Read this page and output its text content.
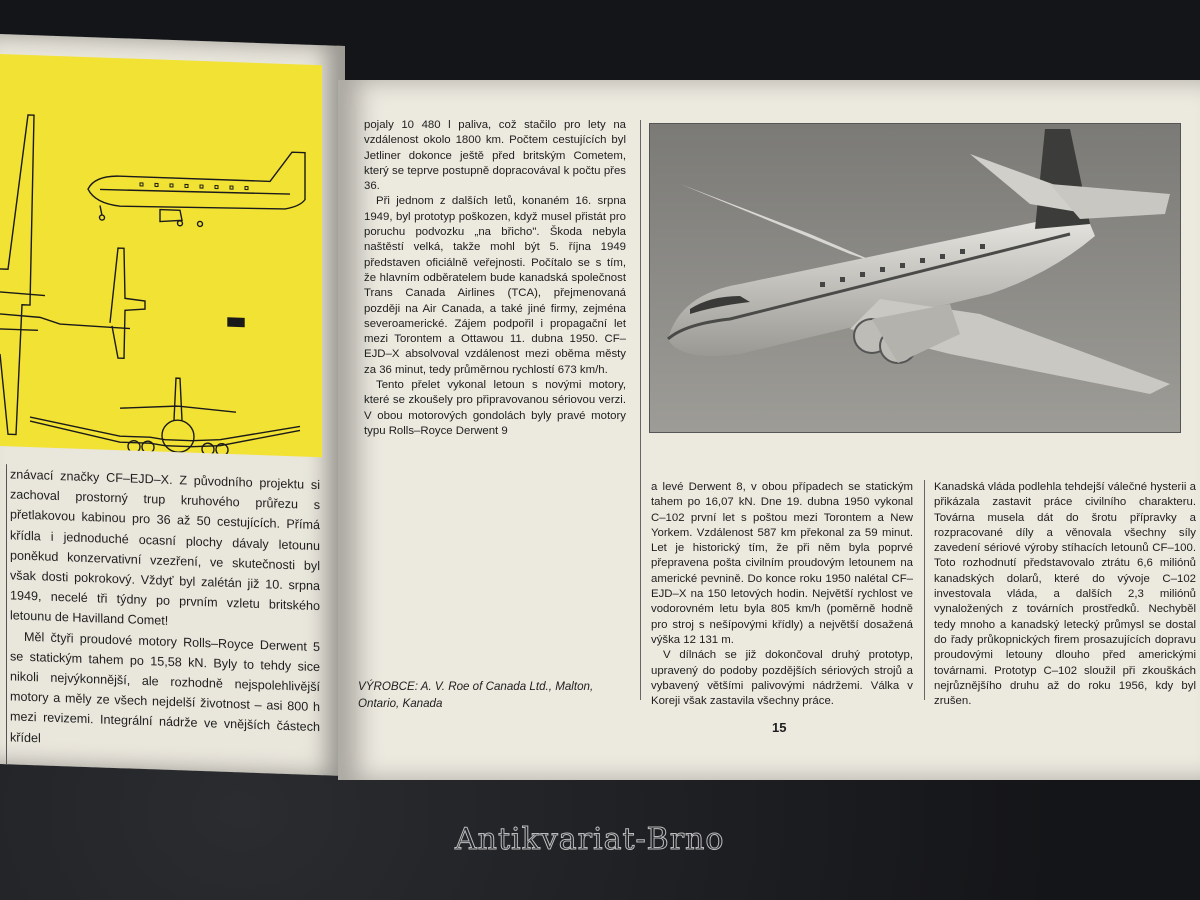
znávací značky CF–EJD–X. Z původního projektu si zachoval prostorný trup kruhového průřezu s přetlakovou kabinou pro 36 až 50 cestujících. Přímá křídla i jednoduché ocasní plochy dávaly letounu poněkud konzervativní vzezření, ve skutečnosti byl však dosti pokrokový. Vždyť byl zalétán již 10. srpna 1949, necelé tři týdny po prvním vzletu britského letounu de Havilland Comet!

Měl čtyři proudové motory Rolls–Royce Derwent 5 se statickým tahem po 15,58 kN. Byly to tehdy sice nikoli nejvýkonnější, ale rozhodně nejspolehlivější motory a měly ze všech nejdelší životnost – asi 800 h mezi revizemi. Integrální nádrže ve vnějších částech křídel

pojaly 10 480 l paliva, což stačilo pro lety na vzdálenost okolo 1800 km. Počtem cestujících byl Jetliner dokonce ještě před britským Cometem, který se teprve postupně dopracovával k počtu přes 36.

Při jednom z dalších letů, konaném 16. srpna 1949, byl prototyp poškozen, když musel přistát pro poruchu podvozku „na břicho". Škoda nebyla naštěstí velká, takže mohl být 5. října 1949 představen oficiálně veřejnosti. Počítalo se s tím, že hlavním odběratelem bude kanadská společnost Trans Canada Airlines (TCA), přejmenovaná později na Air Canada, a také jiné firmy, zejména severoamerické. Zájem podpořil i propagační let mezi Torontem a Ottawou 11. dubna 1950. CF–EJD–X absolvoval vzdálenost mezi oběma městy za 36 minut, tedy průměrnou rychlostí 673 km/h.

Tento přelet vykonal letoun s novými motory, které se zkoušely pro připravovanou sériovou verzi. V obou motorových gondolách byly pravé motory typu Rolls–Royce Derwent 9

a levé Derwent 8, v obou případech se statickým tahem po 16,07 kN. Dne 19. dubna 1950 vykonal C–102 první let s poštou mezi Torontem a New Yorkem. Vzdálenost 587 km překonal za 59 minut. Let je historický tím, že při něm byla poprvé přepravena pošta civilním proudovým letounem na americké pevnině. Do konce roku 1950 nalétal CF–EJD–X na 150 letových hodin. Největší rychlost ve vodorovném letu byla 805 km/h (poměrně hodně pro stroj s nešípovými křídly) a největší dosažená výška 12 131 m.

V dílnách se již dokončoval druhý prototyp, upravený do podoby pozdějších sériových strojů a vybavený většími palivovými nádržemi. Válka v Koreji však zastavila všechny práce.

Kanadská vláda podlehla tehdejší válečné hysterii a přikázala zastavit práce civilního charakteru. Továrna musela dát do šrotu přípravky a rozpracované díly a věnovala všechny síly zavedení sériové výroby stíhacích letounů CF–100. Toto rozhodnutí představovalo ztrátu 6,6 miliónů kanadských dolarů, které do vývoje C–102 investovala vláda, a dalších 2,3 miliónů vynaložených z továrních prostředků. Nechyběl tedy mnoho a kanadský letecký průmysl se dostal do řady průkopnických firem prosazujících dopravu proudovými letouny dlouho před americkými továrnami. Prototyp C–102 sloužil při zkouškách nejrůznějšího druhu až do roku 1956, kdy byl zrušen.

VÝROBCE: A. V. Roe of Canada Ltd., Malton, Ontario, Kanada
15
Antikvariat-Brno
